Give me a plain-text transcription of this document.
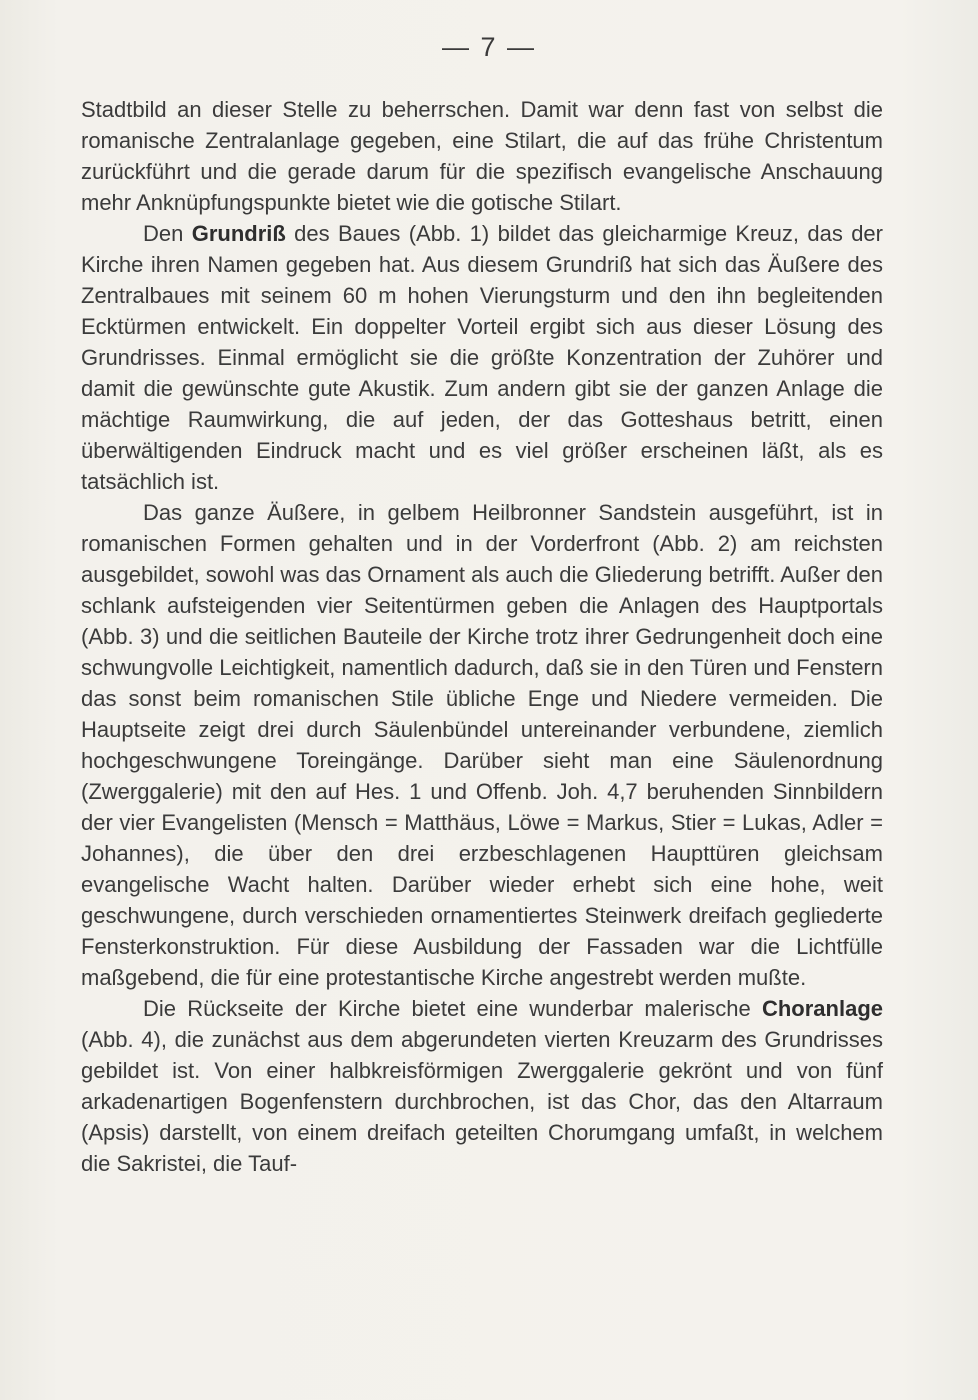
— 7 —

Stadtbild an dieser Stelle zu beherrschen. Damit war denn fast von selbst die romanische Zentralanlage gegeben, eine Stilart, die auf das frühe Christentum zurückführt und die gerade darum für die spezifisch evangelische Anschauung mehr Anknüpfungspunkte bietet wie die gotische Stilart.

Den Grundriß des Baues (Abb. 1) bildet das gleicharmige Kreuz, das der Kirche ihren Namen gegeben hat. Aus diesem Grundriß hat sich das Äußere des Zentralbaues mit seinem 60 m hohen Vierungsturm und den ihn begleitenden Ecktürmen entwickelt. Ein doppelter Vorteil ergibt sich aus dieser Lösung des Grundrisses. Einmal ermöglicht sie die größte Konzentration der Zuhörer und damit die gewünschte gute Akustik. Zum andern gibt sie der ganzen Anlage die mächtige Raumwirkung, die auf jeden, der das Gotteshaus betritt, einen überwältigenden Eindruck macht und es viel größer erscheinen läßt, als es tatsächlich ist.

Das ganze Äußere, in gelbem Heilbronner Sandstein ausgeführt, ist in romanischen Formen gehalten und in der Vorderfront (Abb. 2) am reichsten ausgebildet, sowohl was das Ornament als auch die Gliederung betrifft. Außer den schlank aufsteigenden vier Seitentürmen geben die Anlagen des Hauptportals (Abb. 3) und die seitlichen Bauteile der Kirche trotz ihrer Gedrungenheit doch eine schwungvolle Leichtigkeit, namentlich dadurch, daß sie in den Türen und Fenstern das sonst beim romanischen Stile übliche Enge und Niedere vermeiden. Die Hauptseite zeigt drei durch Säulenbündel untereinander verbundene, ziemlich hochgeschwungene Toreingänge. Darüber sieht man eine Säulenordnung (Zwerggalerie) mit den auf Hes. 1 und Offenb. Joh. 4,7 beruhenden Sinnbildern der vier Evangelisten (Mensch = Matthäus, Löwe = Markus, Stier = Lukas, Adler = Johannes), die über den drei erzbeschlagenen Haupttüren gleichsam evangelische Wacht halten. Darüber wieder erhebt sich eine hohe, weit geschwungene, durch verschieden ornamentiertes Steinwerk dreifach gegliederte Fensterkonstruktion. Für diese Ausbildung der Fassaden war die Lichtfülle maßgebend, die für eine protestantische Kirche angestrebt werden mußte.

Die Rückseite der Kirche bietet eine wunderbar malerische Choranlage (Abb. 4), die zunächst aus dem abgerundeten vierten Kreuzarm des Grundrisses gebildet ist. Von einer halbkreisförmigen Zwerggalerie gekrönt und von fünf arkadenartigen Bogenfenstern durchbrochen, ist das Chor, das den Altarraum (Apsis) darstellt, von einem dreifach geteilten Chorumgang umfaßt, in welchem die Sakristei, die Tauf-
